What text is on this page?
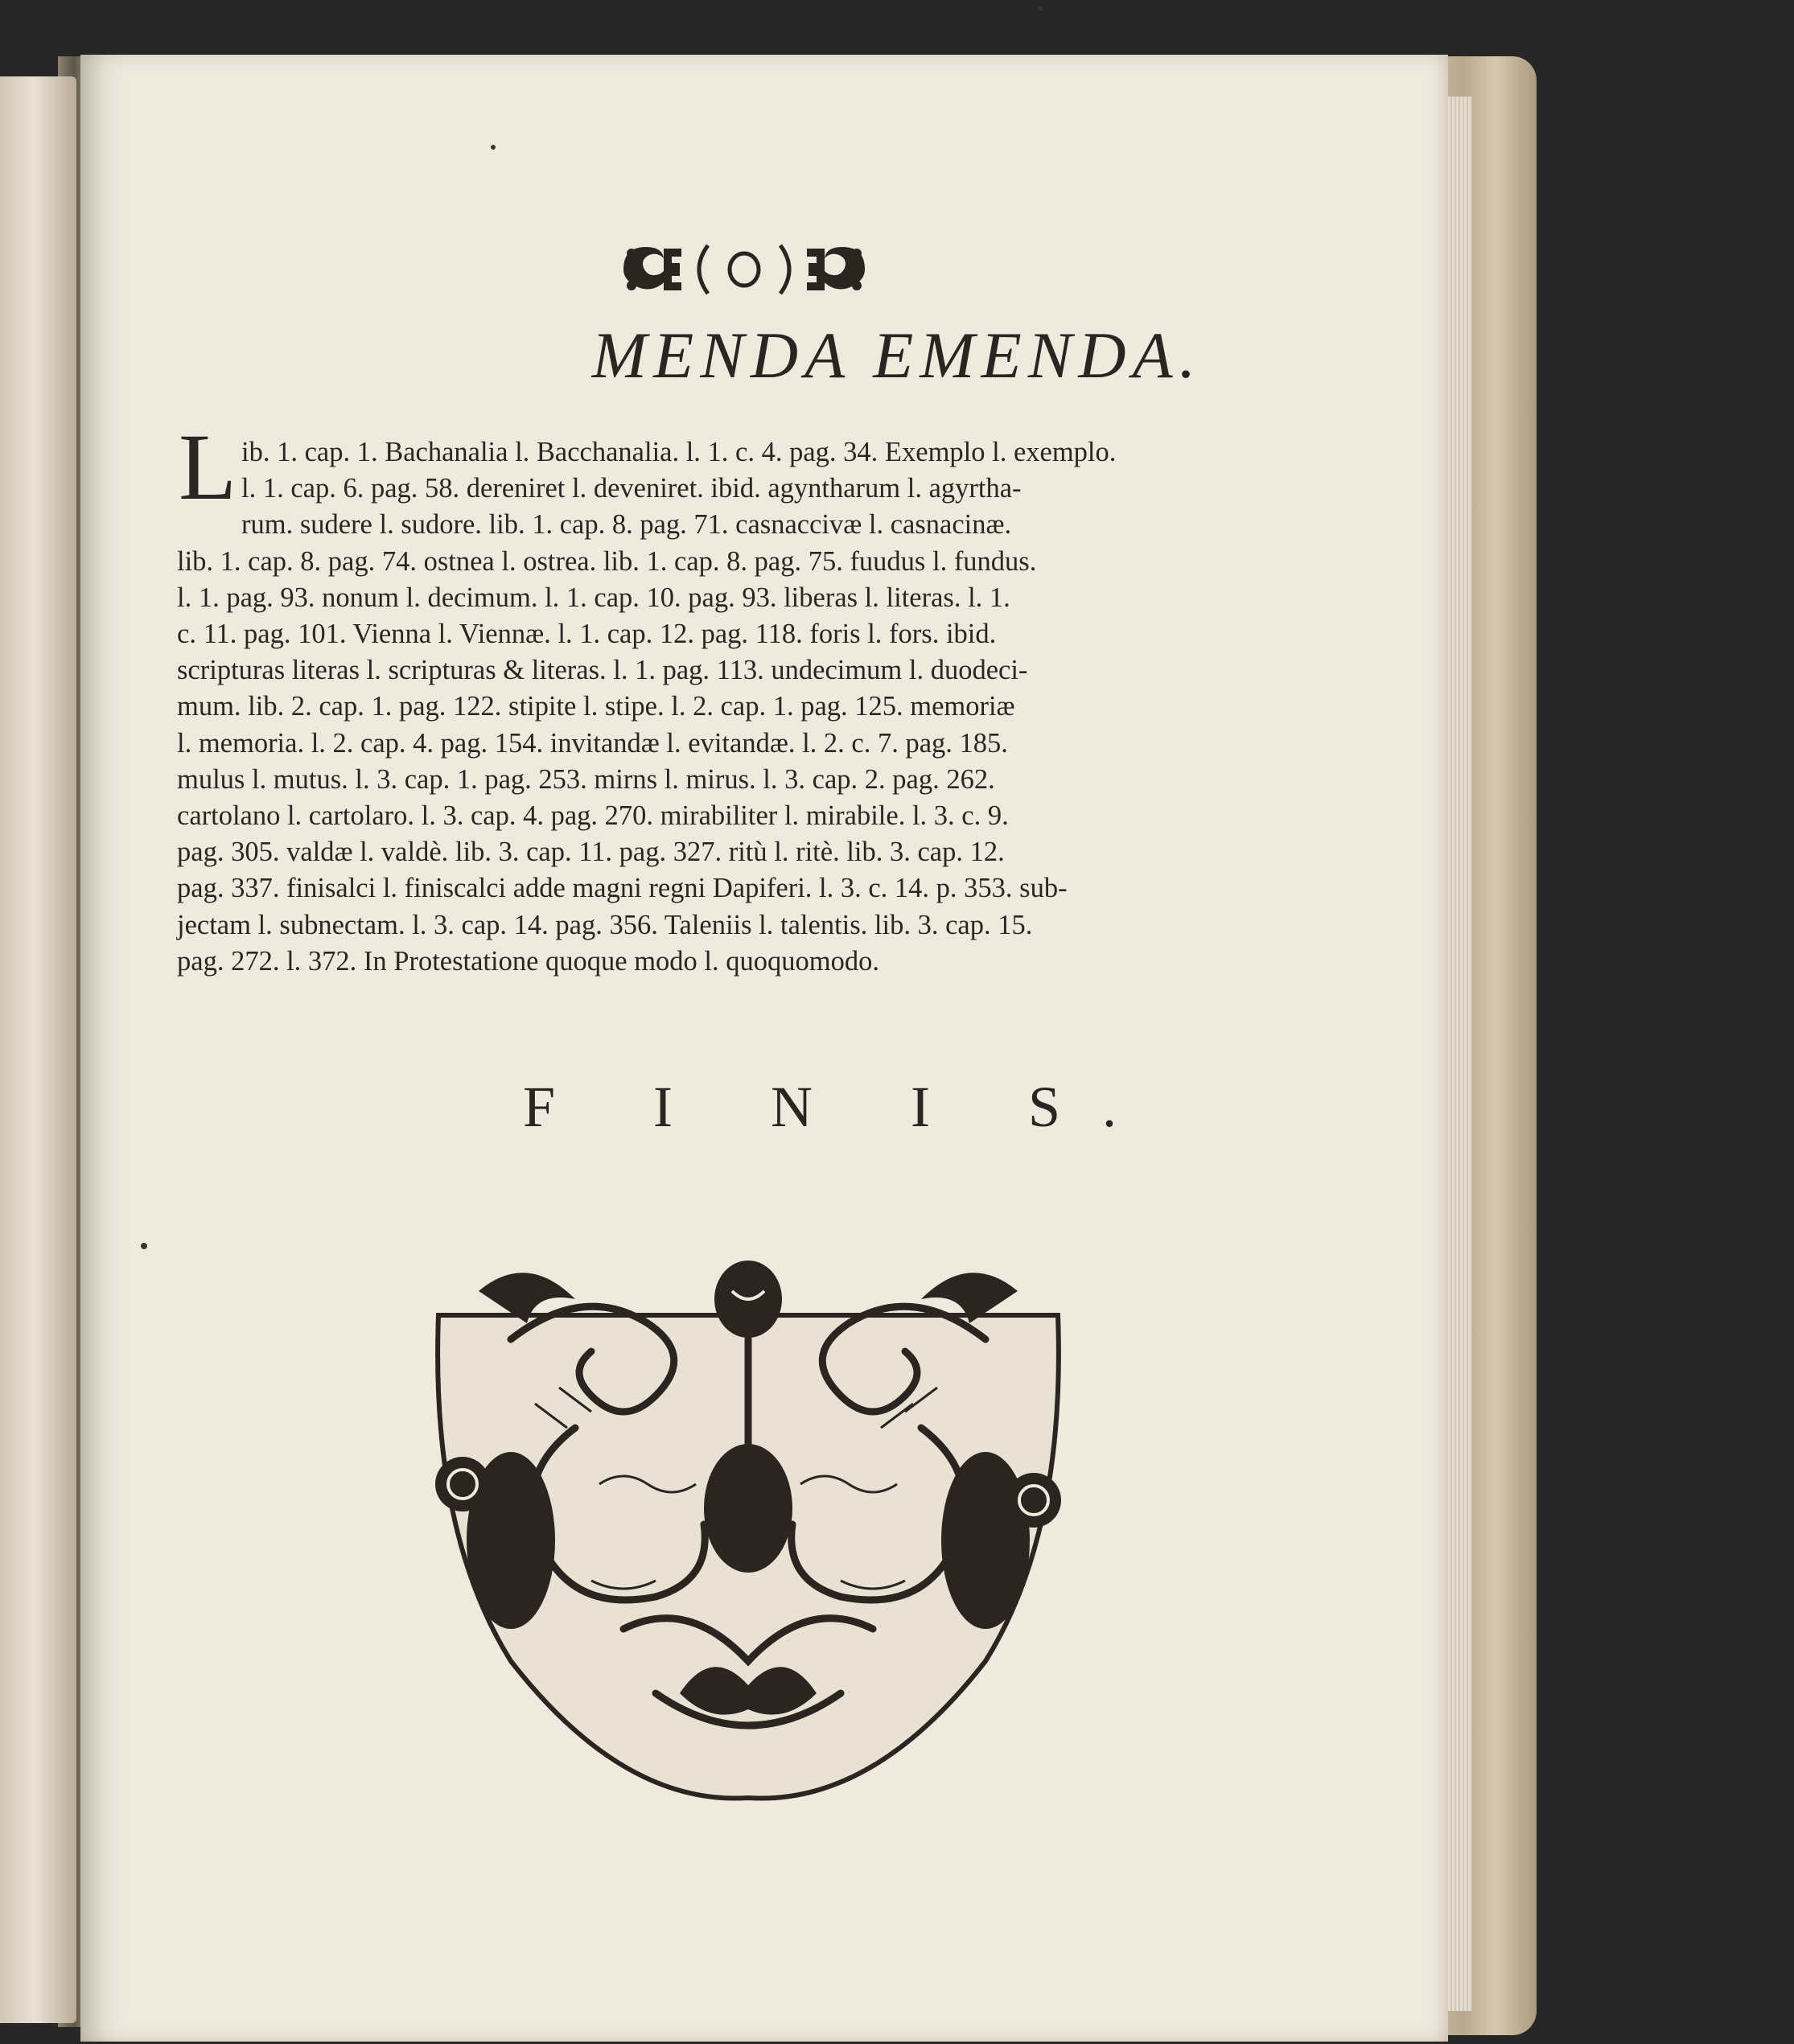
MENDA EMENDA.
L ib. 1. cap. 1. Bachanalia l. Bacchanalia. l. 1. c. 4. pag. 34. Exemplo l. exemplo.
l. 1. cap. 6. pag. 58. dereniret l. deveniret. ibid. agyntharum l. agyrtha-
rum. sudere l. sudore. lib. 1. cap. 8. pag. 71. casnaccivæ l. casnacinæ.
lib. 1. cap. 8. pag. 74. ostnea l. ostrea. lib. 1. cap. 8. pag. 75. fuudus l. fundus.
l. 1. pag. 93. nonum l. decimum. l. 1. cap. 10. pag. 93. liberas l. literas. l. 1.
c. 11. pag. 101. Vienna l. Viennæ. l. 1. cap. 12. pag. 118. foris l. fors. ibid.
scripturas literas l. scripturas & literas. l. 1. pag. 113. undecimum l. duodeci-
mum. lib. 2. cap. 1. pag. 122. stipite l. stipe. l. 2. cap. 1. pag. 125. memoriæ
l. memoria. l. 2. cap. 4. pag. 154. invitandæ l. evitandæ. l. 2. c. 7. pag. 185.
mulus l. mutus. l. 3. cap. 1. pag. 253. mirns l. mirus. l. 3. cap. 2. pag. 262.
cartolano l. cartolaro. l. 3. cap. 4. pag. 270. mirabiliter l. mirabile. l. 3. c. 9.
pag. 305. valdæ l. valdè. lib. 3. cap. 11. pag. 327. ritù l. ritè. lib. 3. cap. 12.
pag. 337. finisalci l. finiscalci adde magni regni Dapiferi. l. 3. c. 14. p. 353. sub-
jectam l. subnectam. l. 3. cap. 14. pag. 356. Taleniis l. talentis. lib. 3. cap. 15.
pag. 272. l. 372. In Protestatione quoque modo l. quoquomodo.
F I N I S.
